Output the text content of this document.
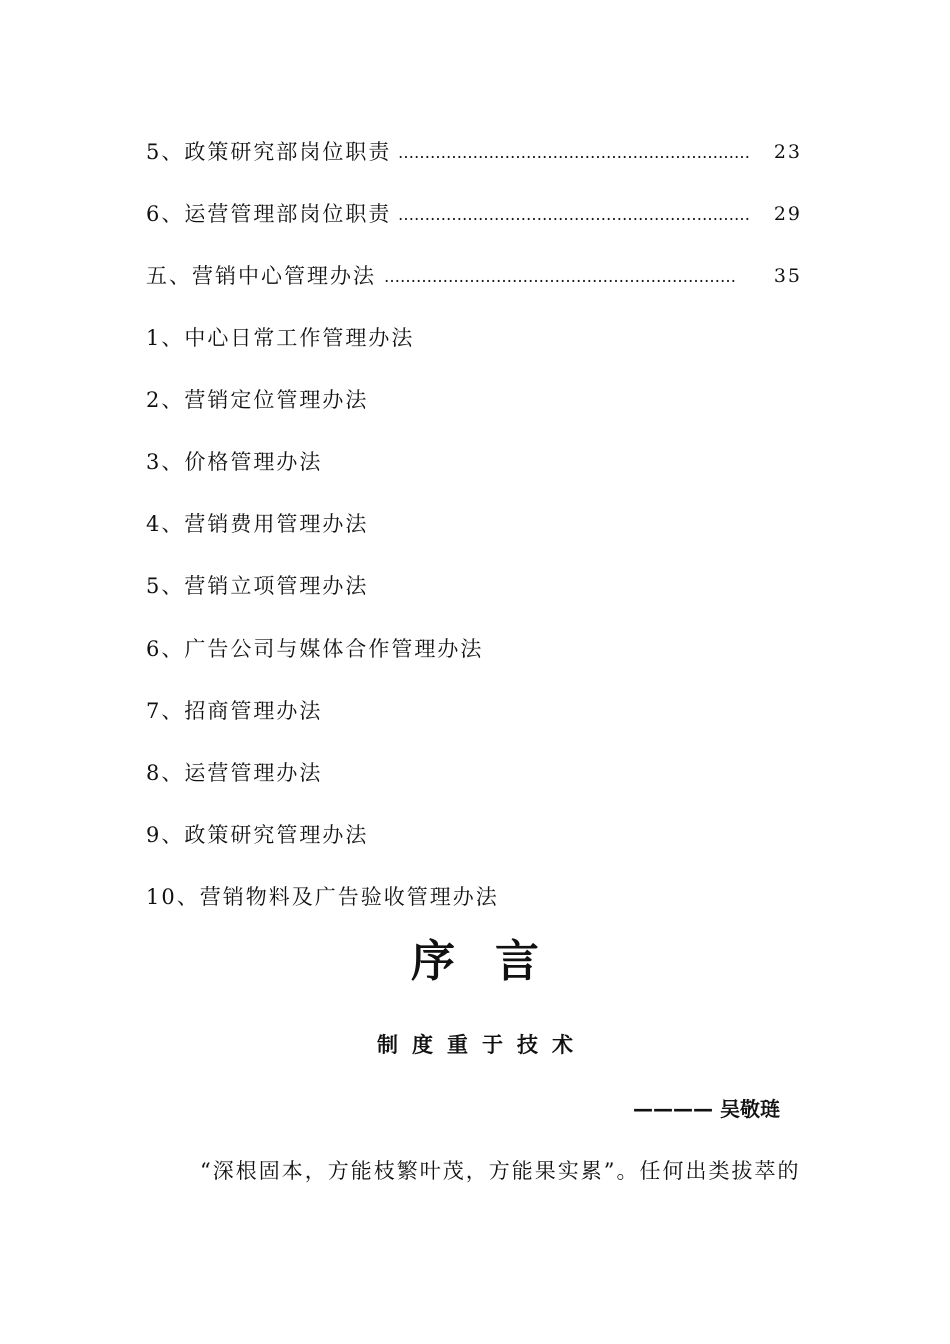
5、政策研究部岗位职责 ………………………………………………………… 23
6、运营管理部岗位职责 ………………………………………………………… 29
五、营销中心管理办法 …………………………………………………………	35
1、中心日常工作管理办法
2、营销定位管理办法
3、价格管理办法
4、营销费用管理办法
5、营销立项管理办法
6、广告公司与媒体合作管理办法
7、招商管理办法
8、运营管理办法
9、政策研究管理办法
10、营销物料及广告验收管理办法
序言
制度重于技术
———— 吴敬琏
“深根固本，方能枝繁叶茂，方能果实累”。任何出类拔萃的
